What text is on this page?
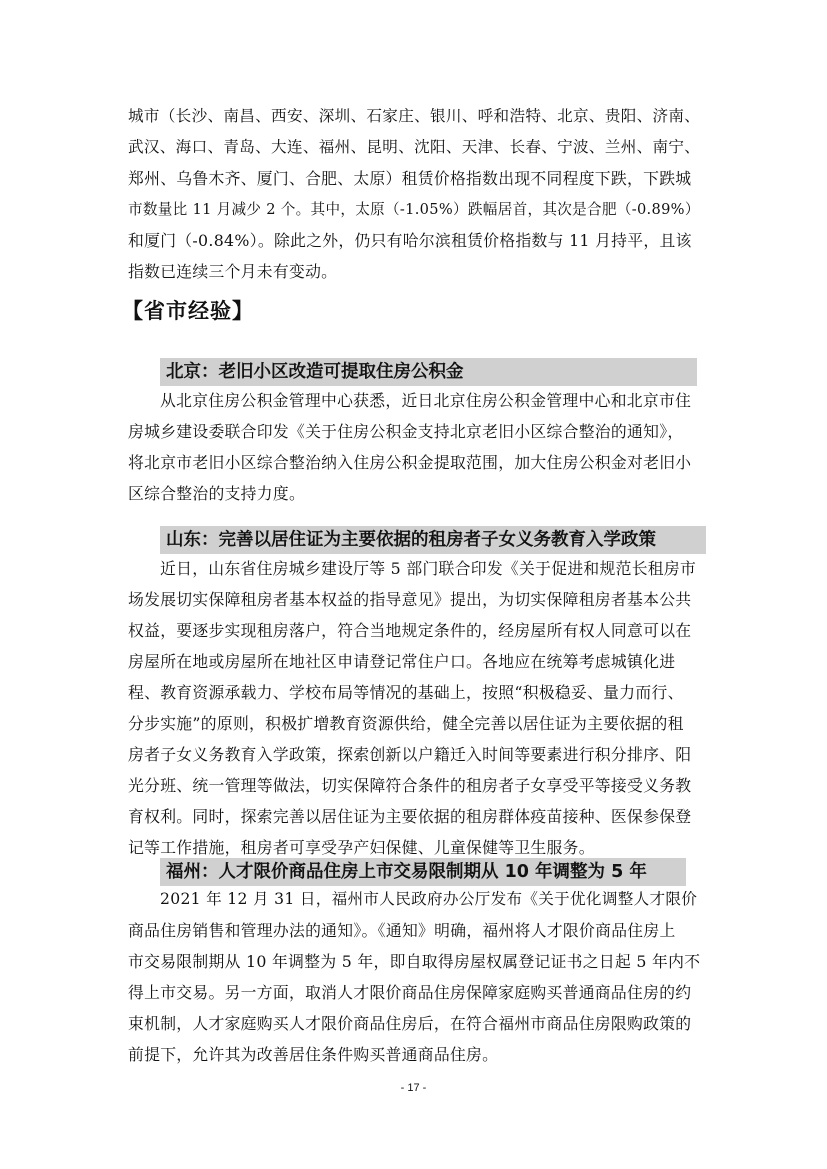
城市（长沙、南昌、西安、深圳、石家庄、银川、呼和浩特、北京、贵阳、济南、
武汉、海口、青岛、大连、福州、昆明、沈阳、天津、长春、宁波、兰州、南宁、
郑州、乌鲁木齐、厦门、合肥、太原）租赁价格指数出现不同程度下跌，下跌城
市数量比 11 月减少 2 个。其中，太原（-1.05%）跌幅居首，其次是合肥（-0.89%）
和厦门（-0.84%）。除此之外，仍只有哈尔滨租赁价格指数与 11 月持平，且该
指数已连续三个月未有变动。
【省市经验】
北京：老旧小区改造可提取住房公积金
从北京住房公积金管理中心获悉，近日北京住房公积金管理中心和北京市住
房城乡建设委联合印发《关于住房公积金支持北京老旧小区综合整治的通知》，
将北京市老旧小区综合整治纳入住房公积金提取范围，加大住房公积金对老旧小
区综合整治的支持力度。
山东：完善以居住证为主要依据的租房者子女义务教育入学政策
近日，山东省住房城乡建设厅等 5 部门联合印发《关于促进和规范长租房市
场发展切实保障租房者基本权益的指导意见》提出，为切实保障租房者基本公共
权益，要逐步实现租房落户，符合当地规定条件的，经房屋所有权人同意可以在
房屋所在地或房屋所在地社区申请登记常住户口。各地应在统筹考虑城镇化进
程、教育资源承载力、学校布局等情况的基础上，按照“积极稳妥、量力而行、
分步实施”的原则，积极扩增教育资源供给，健全完善以居住证为主要依据的租
房者子女义务教育入学政策，探索创新以户籍迁入时间等要素进行积分排序、阳
光分班、统一管理等做法，切实保障符合条件的租房者子女享受平等接受义务教
育权利。同时，探索完善以居住证为主要依据的租房群体疫苗接种、医保参保登
记等工作措施，租房者可享受孕产妇保健、儿童保健等卫生服务。
福州：人才限价商品住房上市交易限制期从 10 年调整为 5 年
2021 年 12 月 31 日，福州市人民政府办公厅发布《关于优化调整人才限价
商品住房销售和管理办法的通知》。《通知》明确，福州将人才限价商品住房上
市交易限制期从 10 年调整为 5 年，即自取得房屋权属登记证书之日起 5 年内不
得上市交易。另一方面，取消人才限价商品住房保障家庭购买普通商品住房的约
束机制，人才家庭购买人才限价商品住房后，在符合福州市商品住房限购政策的
前提下，允许其为改善居住条件购买普通商品住房。
- 17 -
